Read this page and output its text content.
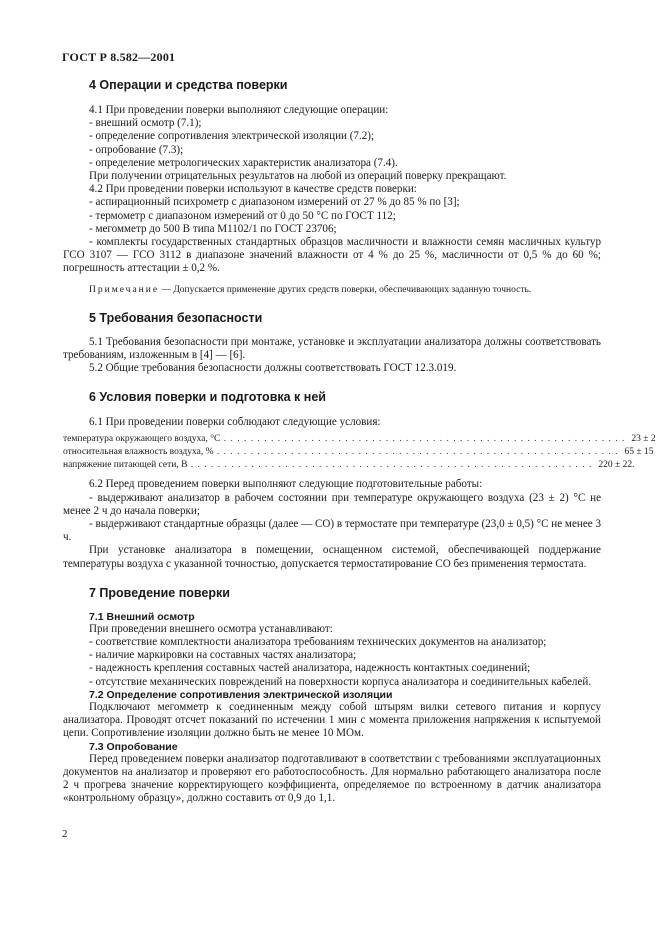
ГОСТ Р 8.582—2001
4 Операции и средства поверки

4.1 При проведении поверки выполняют следующие операции:

- внешний осмотр (7.1);

- определение сопротивления электрической изоляции (7.2);

- опробование (7.3);

- определение метрологических характеристик анализатора (7.4).

При получении отрицательных результатов на любой из операций поверку прекращают.

4.2 При проведении поверки используют в качестве средств поверки:

- аспирационный психрометр с диапазоном измерений от 27 % до 85 % по [3];

- термометр с диапазоном измерений от 0 до 50 °С по ГОСТ 112;

- мегомметр до 500 В типа М1102/1 по ГОСТ 23706;

- комплекты государственных стандартных образцов масличности и влажности семян масличных культур ГСО 3107 — ГСО 3112 в диапазоне значений влажности от 4 % до 25 %, масличности от 0,5 % до 60 %; погрешность аттестации ± 0,2 %.

Примечание — Допускается применение других средств поверки, обеспечивающих заданную точность.

5 Требования безопасности

5.1 Требования безопасности при монтаже, установке и эксплуатации анализатора должны соответствовать требованиям, изложенным в [4] — [6].

5.2 Общие требования безопасности должны соответствовать ГОСТ 12.3.019.

6 Условия поверки и подготовка к ней

6.1 При проведении поверки соблюдают следующие условия:

температура окружающего воздуха, °С . . . . . . . . . . . . . . . . . . . . . . . . . . . . . . . . . . . . . . . . . . . . . . . . . . . . . . . . . . . . 23 ± 2
относительная влажность воздуха, % . . . . . . . . . . . . . . . . . . . . . . . . . . . . . . . . . . . . . . . . . . . . . . . . . . . . . . . . . . . . 65 ± 15
напряжение питающей сети, В . . . . . . . . . . . . . . . . . . . . . . . . . . . . . . . . . . . . . . . . . . . . . . . . . . . . . . . . . . . . 220 ± 22.

6.2 Перед проведением поверки выполняют следующие подготовительные работы:

- выдерживают анализатор в рабочем состоянии при температуре окружающего воздуха (23 ± 2) °С не менее 2 ч до начала поверки;

- выдерживают стандартные образцы (далее — СО) в термостате при температуре (23,0 ± 0,5) °С не менее 3 ч.

При установке анализатора в помещении, оснащенном системой, обеспечивающей поддержание температуры воздуха с указанной точностью, допускается термостатирование СО без применения термостата.

7 Проведение поверки
7.1 Внешний осмотр

При проведении внешнего осмотра устанавливают:

- соответствие комплектности анализатора требованиям технических документов на анализатор;

- наличие маркировки на составных частях анализатора;

- надежность крепления составных частей анализатора, надежность контактных соединений;

- отсутствие механических повреждений на поверхности корпуса анализатора и соединительных кабелей.

7.2 Определение сопротивления электрической изоляции

Подключают мегомметр к соединенным между собой штырям вилки сетевого питания и корпусу анализатора. Проводят отсчет показаний по истечении 1 мин с момента приложения напряжения к испытуемой цепи. Сопротивление изоляции должно быть не менее 10 МОм.

7.3 Опробование

Перед проведением поверки анализатор подготавливают в соответствии с требованиями эксплуатационных документов на анализатор и проверяют его работоспособность. Для нормально работающего анализатора после 2 ч прогрева значение корректирующего коэффициента, определяемое по встроенному в датчик анализатора «контрольному образцу», должно составить от 0,9 до 1,1.

2
